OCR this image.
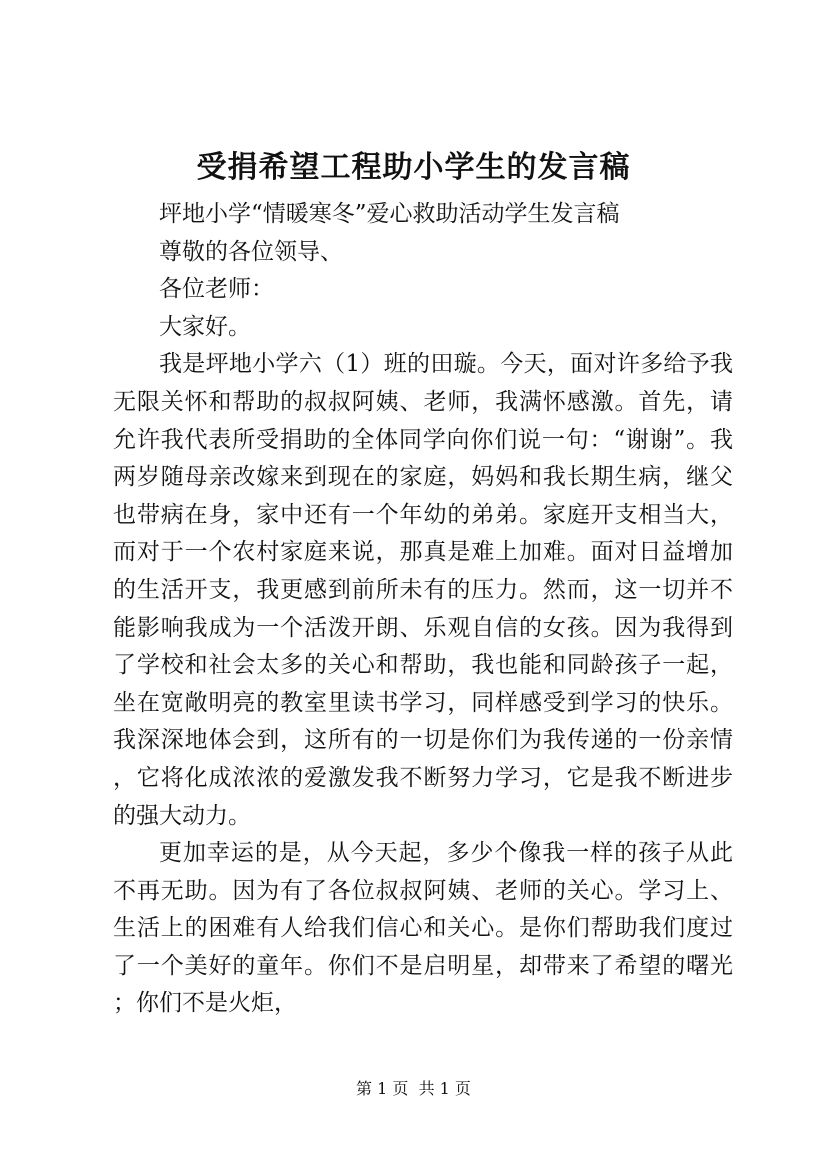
受捐希望工程助小学生的发言稿

坪地小学“情暖寒冬”爱心救助活动学生发言稿

尊敬的各位领导、

各位老师：

大家好。

我是坪地小学六（1）班的田璇。今天，面对许多给予我无限关怀和帮助的叔叔阿姨、老师，我满怀感激。首先，请允许我代表所受捐助的全体同学向你们说一句：“谢谢”。我两岁随母亲改嫁来到现在的家庭，妈妈和我长期生病，继父也带病在身，家中还有一个年幼的弟弟。家庭开支相当大，而对于一个农村家庭来说，那真是难上加难。面对日益增加的生活开支，我更感到前所未有的压力。然而，这一切并不能影响我成为一个活泼开朗、乐观自信的女孩。因为我得到了学校和社会太多的关心和帮助，我也能和同龄孩子一起，坐在宽敞明亮的教室里读书学习，同样感受到学习的快乐。我深深地体会到，这所有的一切是你们为我传递的一份亲情，它将化成浓浓的爱激发我不断努力学习，它是我不断进步的强大动力。

更加幸运的是，从今天起，多少个像我一样的孩子从此不再无助。因为有了各位叔叔阿姨、老师的关心。学习上、生活上的困难有人给我们信心和关心。是你们帮助我们度过了一个美好的童年。你们不是启明星，却带来了希望的曙光；你们不是火炬，

第 1 页  共 1 页
